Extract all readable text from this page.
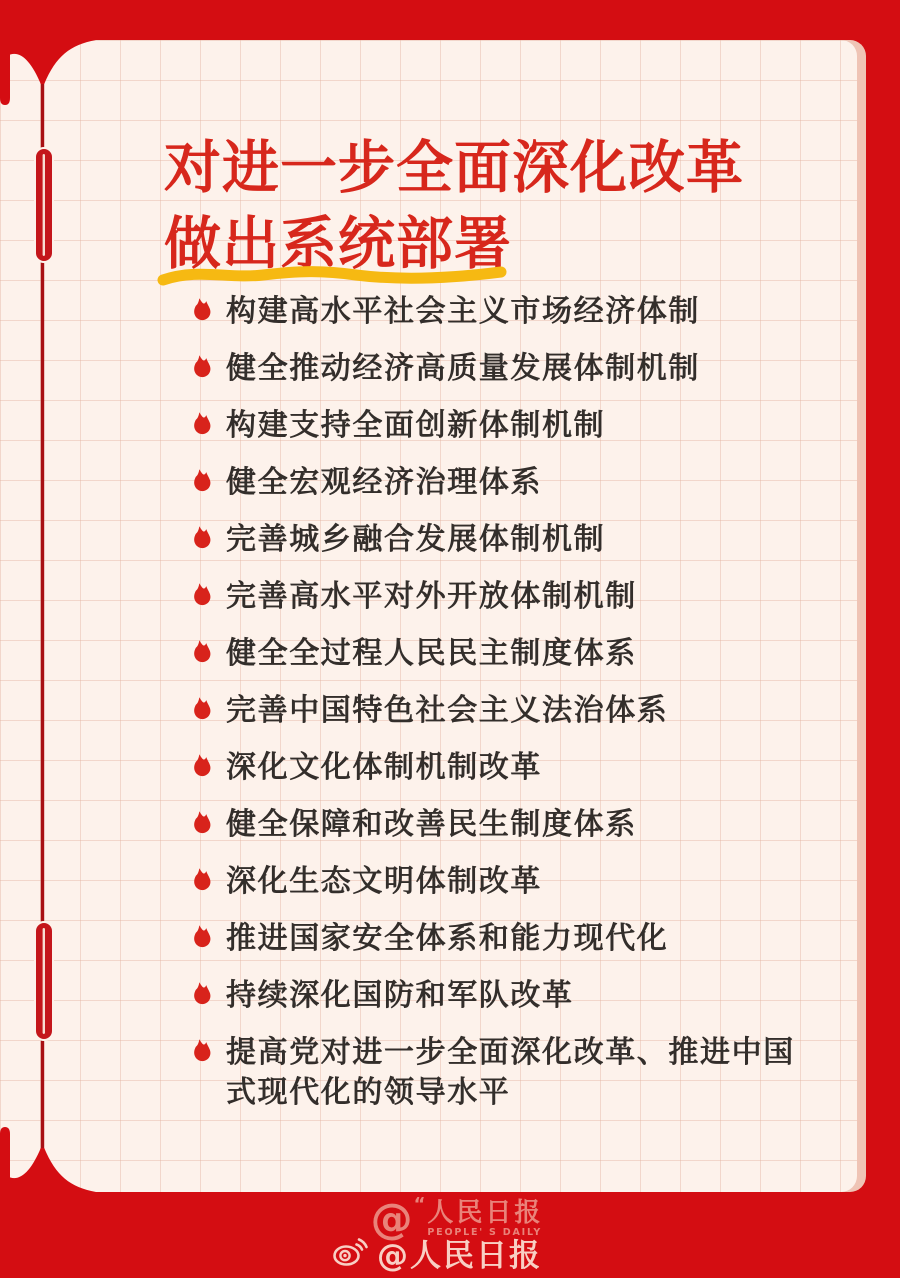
对进一步全面深化改革
做出系统部署
构建高水平社会主义市场经济体制
健全推动经济高质量发展体制机制
构建支持全面创新体制机制
健全宏观经济治理体系
完善城乡融合发展体制机制
完善高水平对外开放体制机制
健全全过程人民民主制度体系
完善中国特色社会主义法治体系
深化文化体制机制改革
健全保障和改善民生制度体系
深化生态文明体制改革
推进国家安全体系和能力现代化
持续深化国防和军队改革
提高党对进一步全面深化改革、推进中国式现代化的领导水平
@ “ 人民日报
PEOPLE' S DAILY
@人民日报
